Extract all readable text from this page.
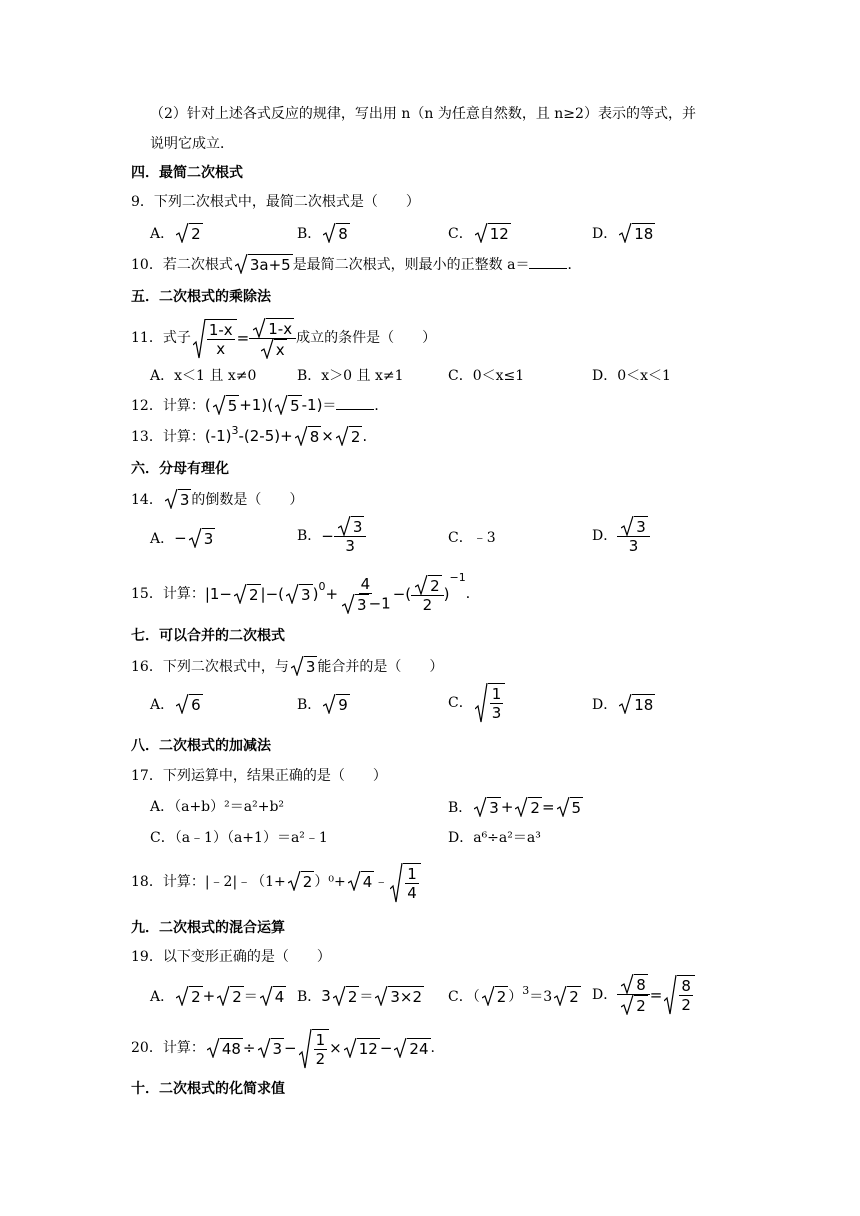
（2）针对上述各式反应的规律，写出用 n（n 为任意自然数，且 n≥2）表示的等式，并
说明它成立．
四．最简二次根式
9．下列二次根式中，最简二次根式是（　　）
A． 2	B． 8	C． 12	D． 18
10．若二次根式 3a+5 是最简二次根式，则最小的正整数 a＝	．
五．二次根式的乘除法
11．式子 $\frac{1-x}{x} = \frac{1-x}{x}$ 成立的条件是（　　）
A．x＜1 且 x≠0	B．x＞0 且 x≠1	C．0＜x≤1	D．0＜x＜1
12．计算：( 5 +1)( 5 -1)＝	．
13．计算：$(-1)^3-(2-5)+ 8 \times 2$ .
六．分母有理化
14． 3 的倒数是（　　）
A．− 3	B． − $\frac{3}{3}$	C．﹣3	D． $\frac{3}{3}$
15．计算： |1−	2 |−(	3 ) $0 + \frac{4}{3 -1}$ −( $\frac{2}{2}$ )
−1
．
七．可以合并的二次根式
16．下列二次根式中，与 3 能合并的是（　　）
A． 6	B． 9	C． $\frac{1}{3}$	D． 18
八．二次根式的加减法
17．下列运算中，结果正确的是（　　）
A．（a+b）²＝a²+b²	B． 3 + 2 = 5
C．（a﹣1）（a+1）＝a²﹣1	D．a⁶÷a²＝a³
18．计算：|﹣2|﹣（1+	2 ）⁰+	4 ﹣ $\frac{1}{4}$
九．二次根式的混合运算
19．以下变形正确的是（　　）
A． 2 + 2 ＝ 4 B．3 2 ＝ 3×2 C．（ 2 ）$^3$＝3 2 D． $\frac{8}{2} = \frac{8}{2}$
20．计算：	48 ÷	$3 - \frac{1}{2}$ ×	12 −	24 .
十．二次根式的化简求值
